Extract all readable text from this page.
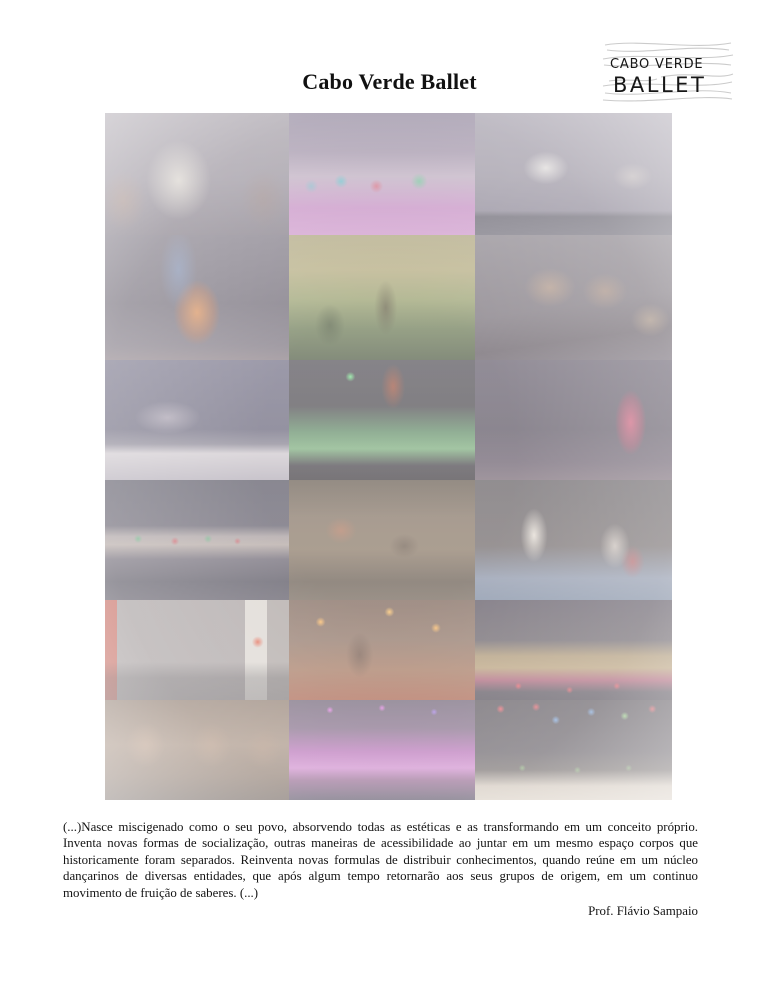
Cabo Verde Ballet
CABO VERDE
BALLET

(...)Nasce miscigenado como o seu povo, absorvendo todas as estéticas e as transformando em um conceito próprio. Inventa novas formas de socialização, outras maneiras de acessibilidade ao juntar em um mesmo espaço corpos que historicamente foram separados. Reinventa novas formulas de distribuir conhecimentos, quando reúne em um núcleo dançarinos de diversas entidades, que após algum tempo retornarão aos seus grupos de origem, em um continuo movimento de fruição de saberes. (...)

Prof. Flávio Sampaio
